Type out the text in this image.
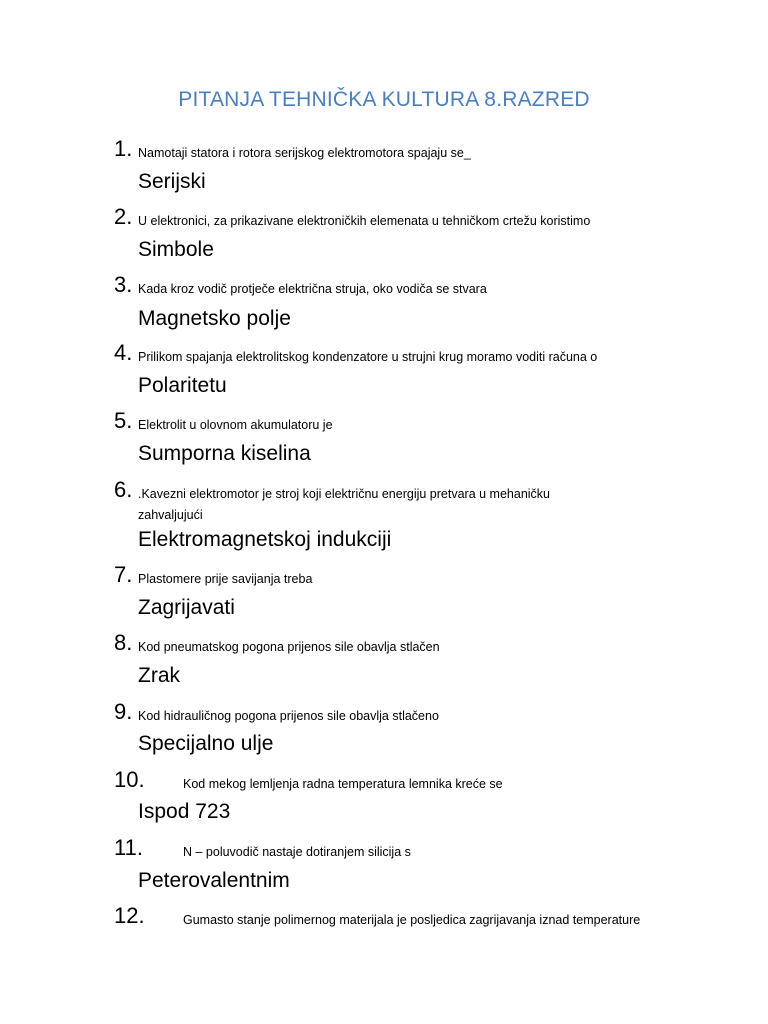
PITANJA TEHNIČKA KULTURA 8.RAZRED
1. Namotaji statora i rotora serijskog elektromotora spajaju se_
Serijski
2. U elektronici, za prikazivane elektroničkih elemenata u tehničkom crtežu koristimo
Simbole
3. Kada kroz vodič protječe električna struja, oko vodiča se stvara
Magnetsko polje
4. Prilikom spajanja elektrolitskog kondenzatore u strujni krug moramo voditi računa o
Polaritetu
5. Elektrolit u olovnom akumulatoru je
Sumporna kiselina
6. .Kavezni elektromotor je stroj koji električnu energiju pretvara u mehaničku zahvaljujući
Elektromagnetskoj indukciji
7. Plastomere prije savijanja treba
Zagrijavati
8. Kod pneumatskog pogona prijenos sile obavlja stlačen
Zrak
9. Kod hidrauličnog pogona prijenos sile obavlja stlačeno
Specijalno ulje
10.	Kod mekog lemljenja radna temperatura lemnika kreće se
Ispod 723
11.	N – poluvodič nastaje dotiranjem silicija s
Peterovalentnim
12.	Gumasto stanje polimernog materijala je posljedica zagrijavanja iznad temperature
